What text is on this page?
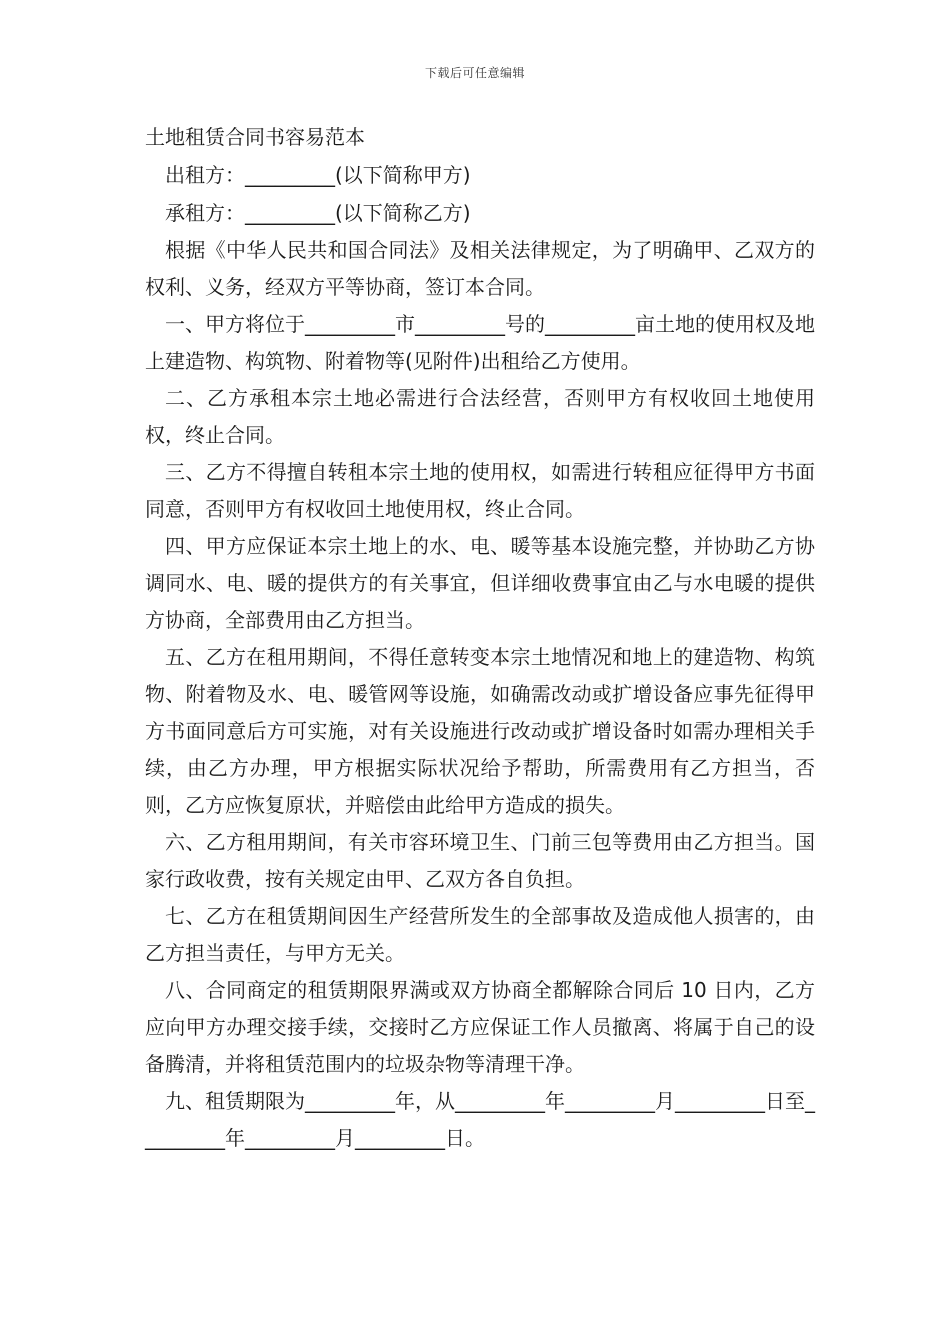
下载后可任意编辑
土地租赁合同书容易范本

出租方：_________(以下简称甲方)

承租方：_________(以下简称乙方)

根据《中华人民共和国合同法》及相关法律规定，为了明确甲、乙双方的权利、义务，经双方平等协商，签订本合同。

一、甲方将位于_________市_________号的_________亩土地的使用权及地上建造物、构筑物、附着物等(见附件)出租给乙方使用。

二、乙方承租本宗土地必需进行合法经营，否则甲方有权收回土地使用权，终止合同。

三、乙方不得擅自转租本宗土地的使用权，如需进行转租应征得甲方书面同意，否则甲方有权收回土地使用权，终止合同。

四、甲方应保证本宗土地上的水、电、暖等基本设施完整，并协助乙方协调同水、电、暖的提供方的有关事宜，但详细收费事宜由乙与水电暖的提供方协商，全部费用由乙方担当。

五、乙方在租用期间，不得任意转变本宗土地情况和地上的建造物、构筑物、附着物及水、电、暖管网等设施，如确需改动或扩增设备应事先征得甲方书面同意后方可实施，对有关设施进行改动或扩增设备时如需办理相关手续，由乙方办理，甲方根据实际状况给予帮助，所需费用有乙方担当，否则，乙方应恢复原状，并赔偿由此给甲方造成的损失。

六、乙方租用期间，有关市容环境卫生、门前三包等费用由乙方担当。国家行政收费，按有关规定由甲、乙双方各自负担。

七、乙方在租赁期间因生产经营所发生的全部事故及造成他人损害的，由乙方担当责任，与甲方无关。

八、合同商定的租赁期限界满或双方协商全都解除合同后 10 日内，乙方应向甲方办理交接手续，交接时乙方应保证工作人员撤离、将属于自己的设备腾清，并将租赁范围内的垃圾杂物等清理干净。

九、租赁期限为_________年，从_________年_________月_________日至_________年_________月_________日。
